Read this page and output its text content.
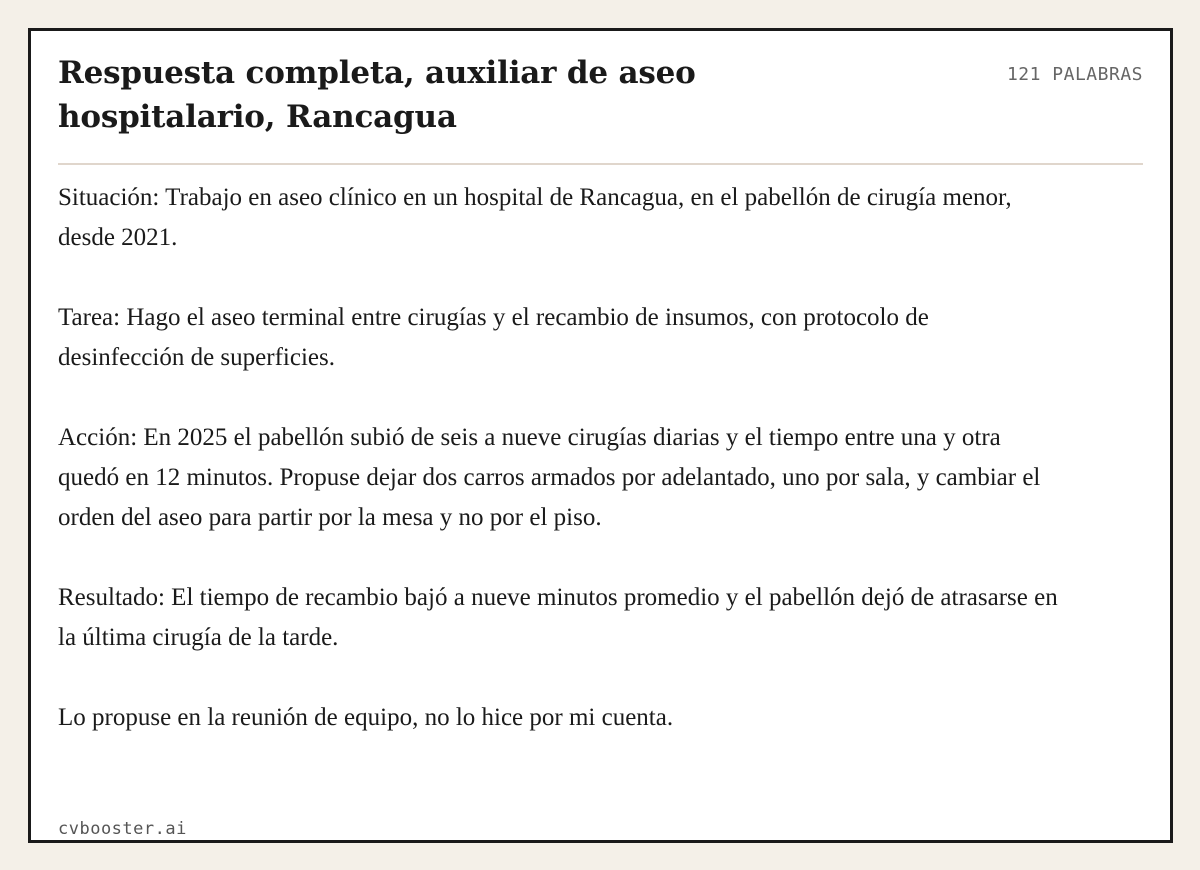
Respuesta completa, auxiliar de aseo hospitalario, Rancagua
121 PALABRAS

Situación: Trabajo en aseo clínico en un hospital de Rancagua, en el pabellón de cirugía menor, desde 2021.

Tarea: Hago el aseo terminal entre cirugías y el recambio de insumos, con protocolo de desinfección de superficies.

Acción: En 2025 el pabellón subió de seis a nueve cirugías diarias y el tiempo entre una y otra quedó en 12 minutos. Propuse dejar dos carros armados por adelantado, uno por sala, y cambiar el orden del aseo para partir por la mesa y no por el piso.

Resultado: El tiempo de recambio bajó a nueve minutos promedio y el pabellón dejó de atrasarse en la última cirugía de la tarde.

Lo propuse en la reunión de equipo, no lo hice por mi cuenta.

cvbooster.ai
